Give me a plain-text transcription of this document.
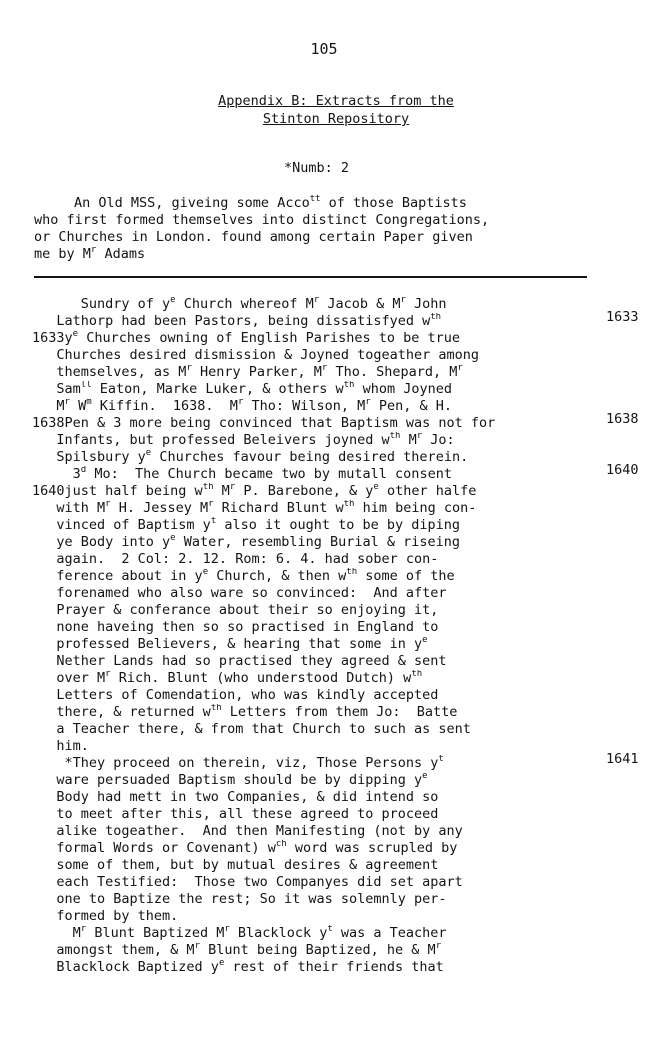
105
Appendix B: Extracts from the
Stinton Repository
*Numb: 2
An Old MSS, giveing some Acco$^{tt}$ of those Baptists
who first formed themselves into distinct Congregations,
or Churches in London. found among certain Paper given
me by $M^r$ Adams
Sundry of $y^e$ Church whereof $M^r$ Jacob & $M^r$ John
Lathorp had been Pastors, being dissatisfyed $w^{th}$
$1633y^e$ Churches owning of English Parishes to be true
Churches desired dismission & Joyned togeather among
themselves, as $M^r$ Henry Parker, $M^r$ Tho. Shepard, $M^r$
Sam$^{ll}$ Eaton, Marke Luker, & others $w^{th}$ whom Joyned
$M^r$ $W^m$ Kiffin.  1638.  $M^r$ Tho: Wilson, $M^r$ Pen, & H.
1638Pen & 3 more being convinced that Baptism was not for
Infants, but professed Beleivers joyned $w^{th}$ $M^r$ Jo:
Spilsbury $y^e$ Churches favour being desired therein.
3$^d$ Mo:  The Church became two by mutall consent
1640just half being $w^{th}$ $M^r$ P. Barebone, & $y^e$ other halfe
with $M^r$ H. Jessey $M^r$ Richard Blunt $w^{th}$ him being con-
vinced of Baptism $y^t$ also it ought to be by diping
ye Body into $y^e$ Water, resembling Burial & riseing
again.  2 Col: 2. 12. Rom: 6. 4. had sober con-
ference about in $y^e$ Church, & then $w^{th}$ some of the
forenamed who also ware so convinced:  And after
Prayer & conferance about their so enjoying it,
none haveing then so so practised in England to
professed Believers, & hearing that some in $y^e$
Nether Lands had so practised they agreed & sent
over $M^r$ Rich. Blunt (who understood Dutch) $w^{th}$
Letters of Comendation, who was kindly accepted
there, & returned $w^{th}$ Letters from them Jo:  Batte
a Teacher there, & from that Church to such as sent
him.
*They proceed on therein, viz, Those Persons $y^t$
ware persuaded Baptism should be by dipping $y^e$
Body had mett in two Companies, & did intend so
to meet after this, all these agreed to proceed
alike togeather.  And then Manifesting (not by any
formal Words or Covenant) $w^{ch}$ word was scrupled by
some of them, but by mutual desires & agreement
each Testified:  Those two Companyes did set apart
one to Baptize the rest; So it was solemnly per-
formed by them.
$M^r$ Blunt Baptized $M^r$ Blacklock $y^t$ was a Teacher
amongst them, & $M^r$ Blunt being Baptized, he & $M^r$
Blacklock Baptized $y^e$ rest of their friends that
1633
1638
1640
1641
